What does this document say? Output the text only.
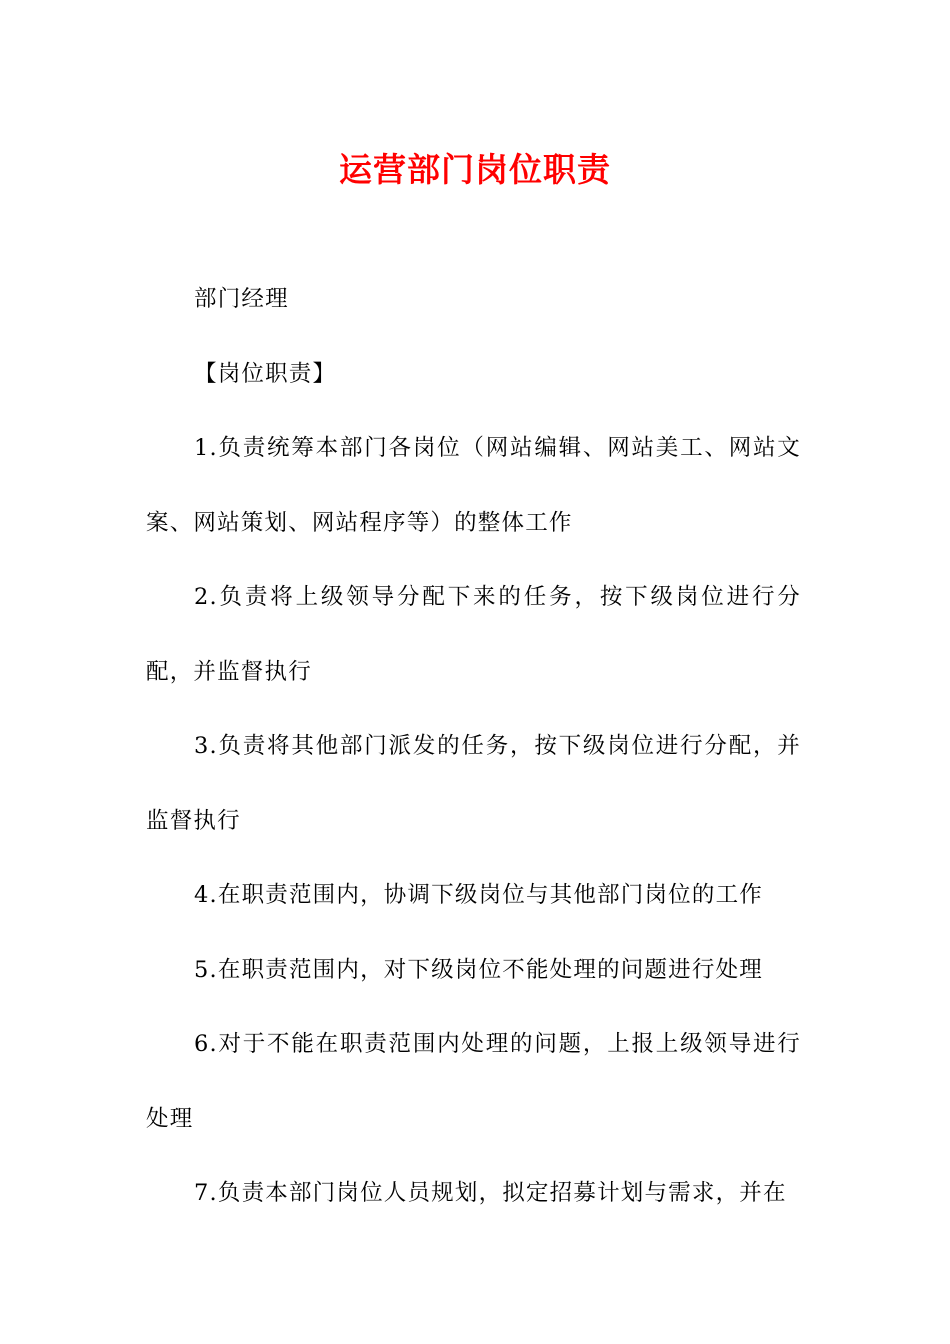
运营部门岗位职责

部门经理

【岗位职责】

1.负责统筹本部门各岗位（网站编辑、网站美工、网站文案、网站策划、网站程序等）的整体工作

2.负责将上级领导分配下来的任务，按下级岗位进行分配，并监督执行

3.负责将其他部门派发的任务，按下级岗位进行分配，并监督执行

4.在职责范围内，协调下级岗位与其他部门岗位的工作

5.在职责范围内，对下级岗位不能处理的问题进行处理

6.对于不能在职责范围内处理的问题，上报上级领导进行处理

7.负责本部门岗位人员规划，拟定招募计划与需求，并在
